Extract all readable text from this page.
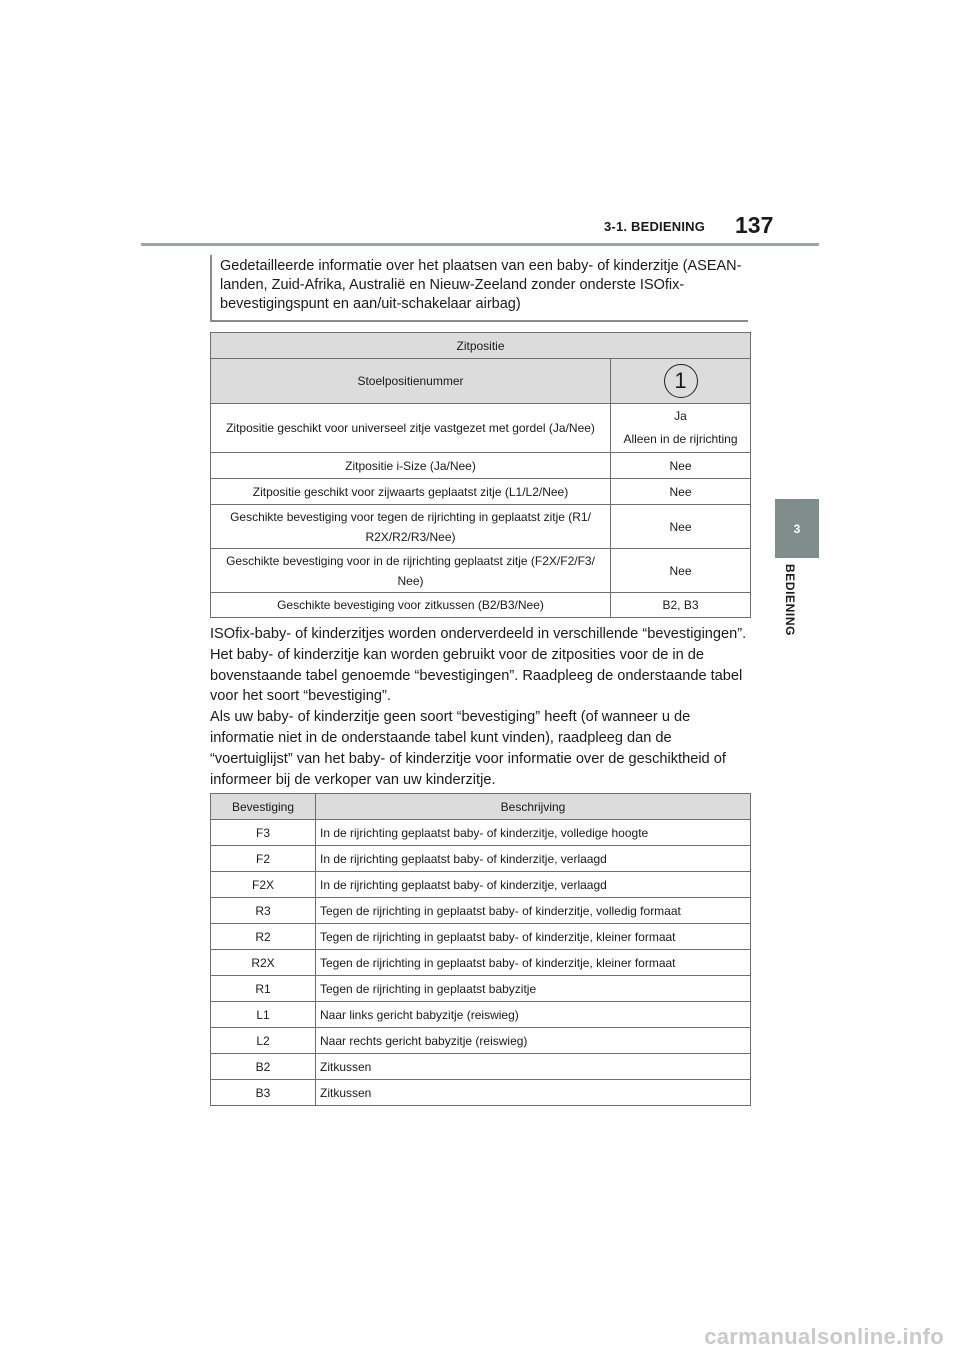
3-1. BEDIENING 137
3
BEDIENING
Gedetailleerde informatie over het plaatsen van een baby- of kinderzitje (ASEAN-landen, Zuid-Afrika, Australië en Nieuw-Zeeland zonder onderste ISOfix-bevestigingspunt en aan/uit-schakelaar airbag)
Zitpositie	
Stoelpositienummer	1
Zitpositie geschikt voor universeel zitje vastgezet met gordel (Ja/Nee)	Ja
Alleen in de rijrichting

Zitpositie i-Size (Ja/Nee)	Nee
Zitpositie geschikt voor zijwaarts geplaatst zitje (L1/L2/Nee)	Nee
Geschikte bevestiging voor tegen de rijrichting in geplaatst zitje (R1/ R2X/R2/R3/Nee)	Nee
Geschikte bevestiging voor in de rijrichting geplaatst zitje (F2X/F2/F3/ Nee)	Nee
Geschikte bevestiging voor zitkussen (B2/B3/Nee)	B2, B3

ISOfix-baby- of kinderzitjes worden onderverdeeld in verschillende “bevestigingen”. Het baby- of kinderzitje kan worden gebruikt voor de zitposities voor de in de bovenstaande tabel genoemde “bevestigingen”. Raadpleeg de onderstaande tabel voor het soort “bevestiging”.

Als uw baby- of kinderzitje geen soort “bevestiging” heeft (of wanneer u de informatie niet in de onderstaande tabel kunt vinden), raadpleeg dan de “voertuiglijst” van het baby- of kinderzitje voor informatie over de geschiktheid of informeer bij de verkoper van uw kinderzitje.

Bevestiging	Beschrijving
F3	In de rijrichting geplaatst baby- of kinderzitje, volledige hoogte
F2	In de rijrichting geplaatst baby- of kinderzitje, verlaagd
F2X	In de rijrichting geplaatst baby- of kinderzitje, verlaagd
R3	Tegen de rijrichting in geplaatst baby- of kinderzitje, volledig formaat
R2	Tegen de rijrichting in geplaatst baby- of kinderzitje, kleiner formaat
R2X	Tegen de rijrichting in geplaatst baby- of kinderzitje, kleiner formaat
R1	Tegen de rijrichting in geplaatst babyzitje
L1	Naar links gericht babyzitje (reiswieg)
L2	Naar rechts gericht babyzitje (reiswieg)
B2	Zitkussen
B3	Zitkussen
carmanualsonline.info
